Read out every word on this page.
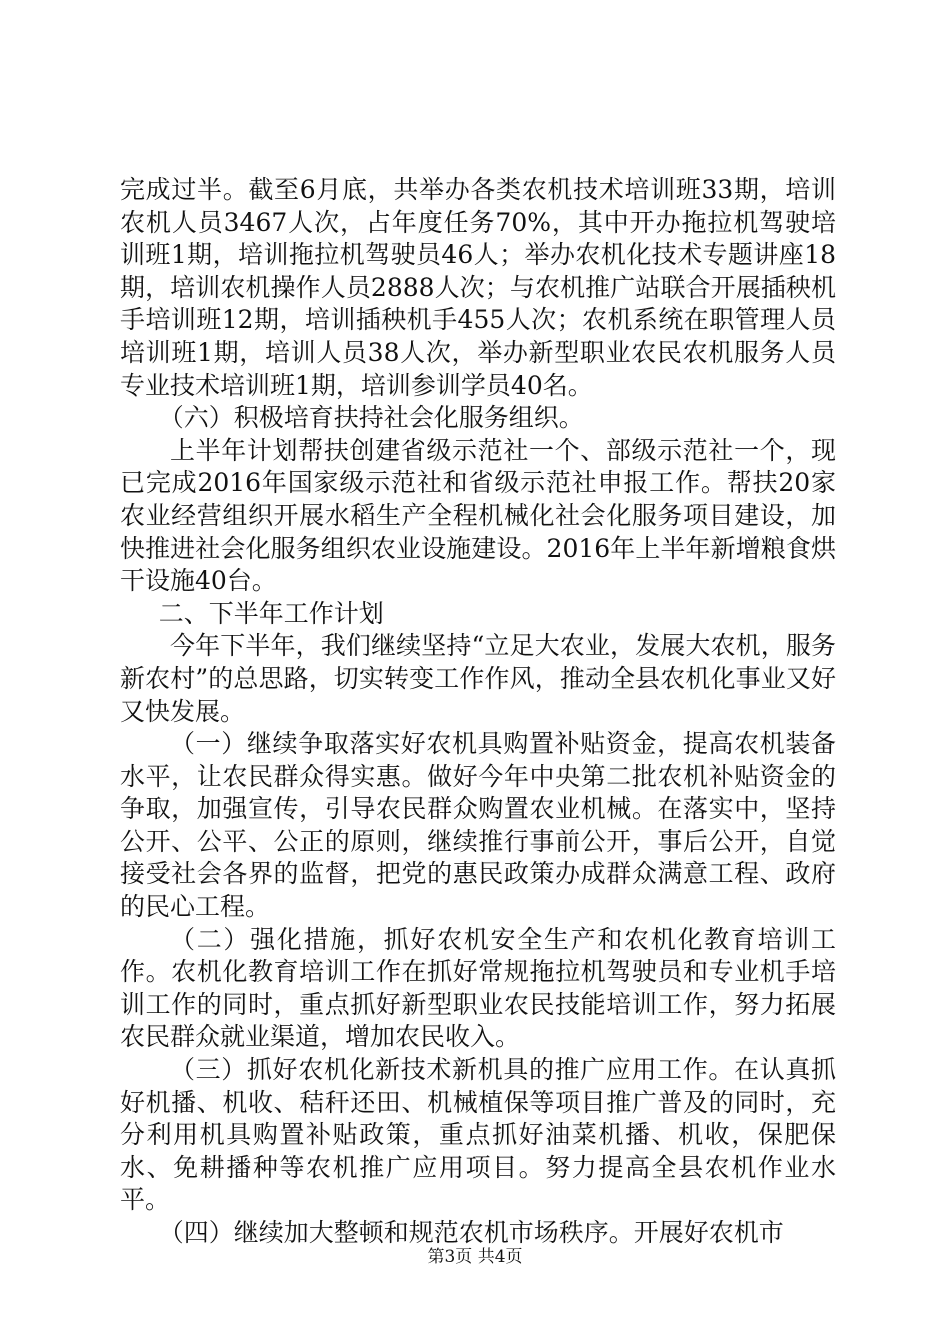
完成过半。截至6月底，共举办各类农机技术培训班33期，培训农机人员3467人次，占年度任务70%，其中开办拖拉机驾驶培训班1期，培训拖拉机驾驶员46人；举办农机化技术专题讲座18期，培训农机操作人员2888人次；与农机推广站联合开展插秧机手培训班12期，培训插秧机手455人次；农机系统在职管理人员培训班1期，培训人员38人次，举办新型职业农民农机服务人员专业技术培训班1期，培训参训学员40名。

（六）积极培育扶持社会化服务组织。

上半年计划帮扶创建省级示范社一个、部级示范社一个，现已完成2016年国家级示范社和省级示范社申报工作。帮扶20家农业经营组织开展水稻生产全程机械化社会化服务项目建设，加快推进社会化服务组织农业设施建设。2016年上半年新增粮食烘干设施40台。

二、下半年工作计划

今年下半年，我们继续坚持“立足大农业，发展大农机，服务新农村”的总思路，切实转变工作作风，推动全县农机化事业又好又快发展。

（一）继续争取落实好农机具购置补贴资金，提高农机装备水平，让农民群众得实惠。做好今年中央第二批农机补贴资金的争取，加强宣传，引导农民群众购置农业机械。在落实中，坚持公开、公平、公正的原则，继续推行事前公开，事后公开，自觉接受社会各界的监督，把党的惠民政策办成群众满意工程、政府的民心工程。

（二）强化措施，抓好农机安全生产和农机化教育培训工作。农机化教育培训工作在抓好常规拖拉机驾驶员和专业机手培训工作的同时，重点抓好新型职业农民技能培训工作，努力拓展农民群众就业渠道，增加农民收入。

（三）抓好农机化新技术新机具的推广应用工作。在认真抓好机播、机收、秸秆还田、机械植保等项目推广普及的同时，充分利用机具购置补贴政策，重点抓好油菜机播、机收，保肥保水、免耕播种等农机推广应用项目。努力提高全县农机作业水平。

（四）继续加大整顿和规范农机市场秩序。开展好农机市

第3页 共4页
